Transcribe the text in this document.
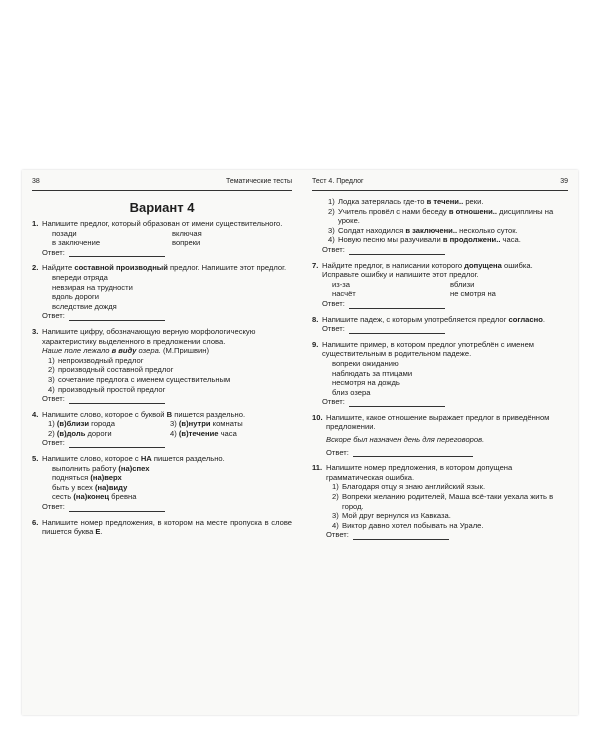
38	Тематические тесты
Вариант 4
1. Напишите предлог, который образован от имени существительного.
позади	включая
в заключение	вопреки
Ответ:
2. Найдите составной производный предлог. Напишите этот предлог.
впереди отряда
невзирая на трудности
вдоль дороги
вследствие дождя
Ответ:
3. Напишите цифру, обозначающую верную морфологическую характеристику выделенного в предложении слова.
Наше поле лежало в виду озера. (М.Пришвин)
1) непроизводный предлог
2) производный составной предлог
3) сочетание предлога с именем существительным
4) производный простой предлог
Ответ:
4. Напишите слово, которое с буквой В пишется раздельно.
1) (в)близи города	3) (в)нутри комнаты
2) (в)доль дороги	4) (в)течение часа
Ответ:
5. Напишите слово, которое с НА пишется раздельно.
выполнить работу (на)спех
подняться (на)верх
быть у всех (на)виду
сесть (на)конец бревна
Ответ:
6. Напишите номер предложения, в котором на месте пропуска в слове пишется буква Е.
Тест 4. Предлог	39
1) Лодка затерялась где-то в течени.. реки.
2) Учитель провёл с нами беседу в отношени.. дисциплины на уроке.
3) Солдат находился в заключени.. несколько суток.
4) Новую песню мы разучивали в продолжени.. часа.
Ответ:
7. Найдите предлог, в написании которого допущена ошибка. Исправьте ошибку и напишите этот предлог.
из-за	вблизи
насчёт	не смотря на
Ответ:
8. Напишите падеж, с которым употребляется предлог согласно.
Ответ:
9. Напишите пример, в котором предлог употреблён с именем существительным в родительном падеже.
вопреки ожиданию
наблюдать за птицами
несмотря на дождь
близ озера
Ответ:
10. Напишите, какое отношение выражает предлог в приведённом предложении.
Вскоре был назначен день для переговоров.
Ответ:
11. Напишите номер предложения, в котором допущена грамматическая ошибка.
1) Благодаря отцу я знаю английский язык.
2) Вопреки желанию родителей, Маша всё-таки уехала жить в город.
3) Мой друг вернулся из Кавказа.
4) Виктор давно хотел побывать на Урале.
Ответ:
